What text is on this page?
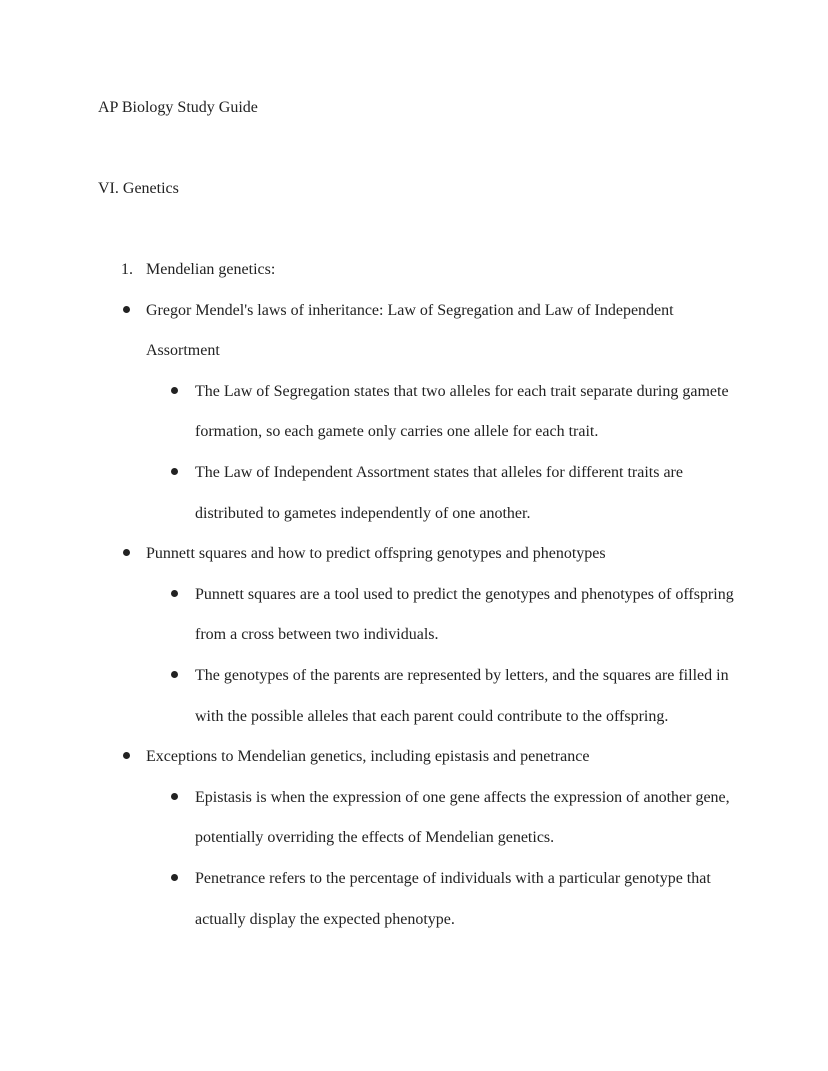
AP Biology Study Guide
VI. Genetics
1. Mendelian genetics:
Gregor Mendel's laws of inheritance: Law of Segregation and Law of Independent Assortment
The Law of Segregation states that two alleles for each trait separate during gamete formation, so each gamete only carries one allele for each trait.
The Law of Independent Assortment states that alleles for different traits are distributed to gametes independently of one another.
Punnett squares and how to predict offspring genotypes and phenotypes
Punnett squares are a tool used to predict the genotypes and phenotypes of offspring from a cross between two individuals.
The genotypes of the parents are represented by letters, and the squares are filled in with the possible alleles that each parent could contribute to the offspring.
Exceptions to Mendelian genetics, including epistasis and penetrance
Epistasis is when the expression of one gene affects the expression of another gene, potentially overriding the effects of Mendelian genetics.
Penetrance refers to the percentage of individuals with a particular genotype that actually display the expected phenotype.
